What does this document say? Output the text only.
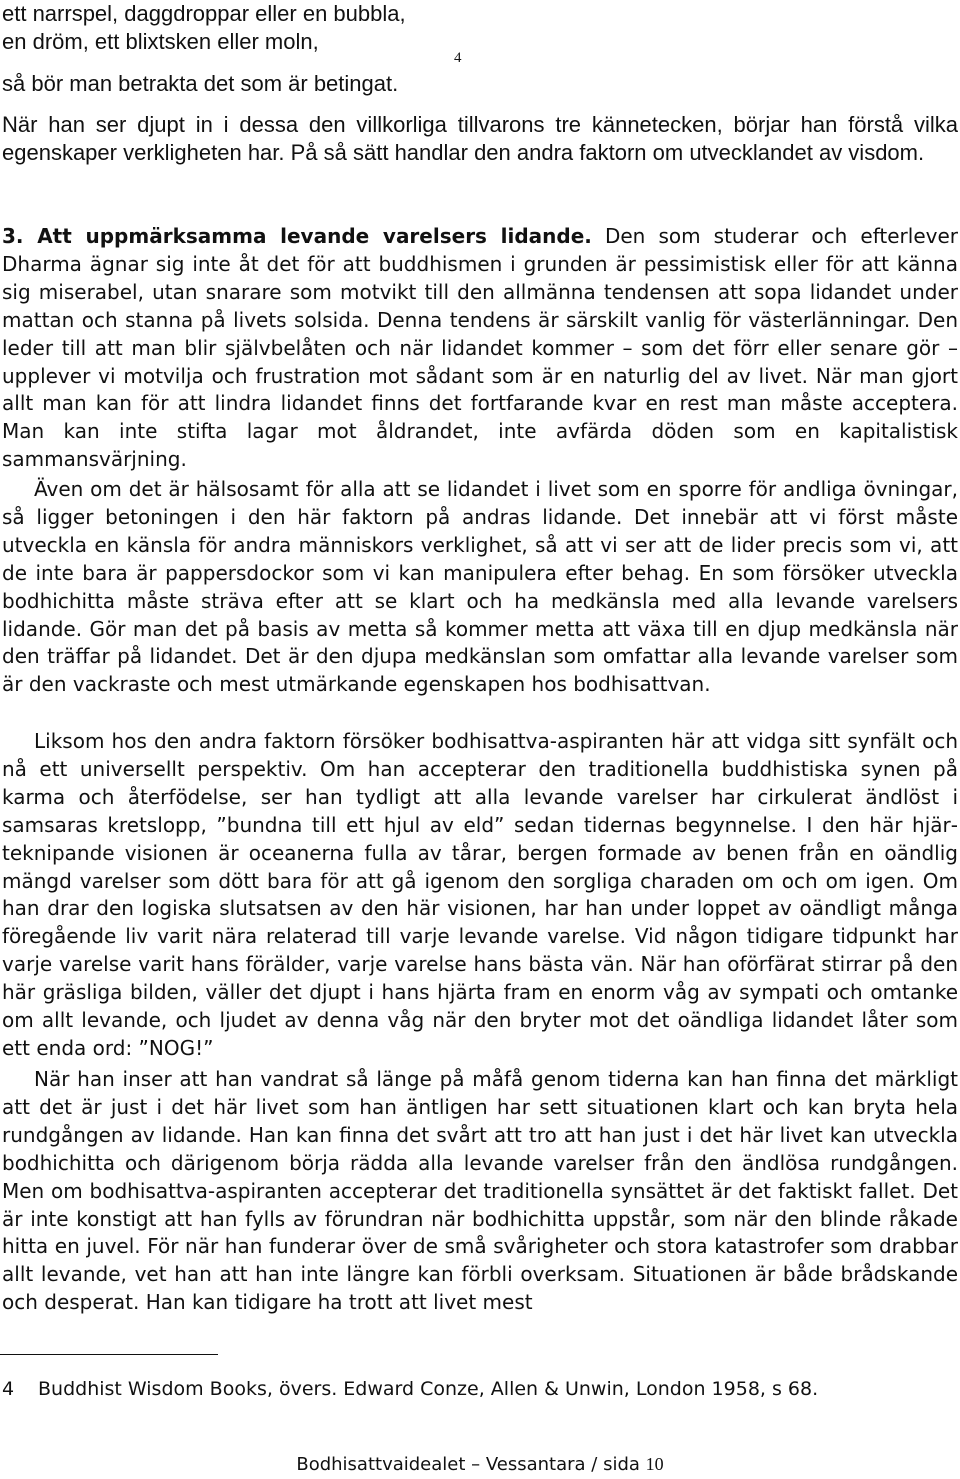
ett narrspel, daggdroppar eller en bubbla,

en dröm, ett blixtsken eller moln,

4

så bör man betrakta det som är betingat.

När han ser djupt in i dessa den villkorliga tillvarons tre kännetecken, börjar han förstå vilka egenskaper verkligheten har. På så sätt handlar den andra faktorn om utvecklandet av visdom.

3. Att uppmärksamma levande varelsers lidande. Den som studerar och efterlever Dharma ägnar sig inte åt det för att buddhismen i grunden är pessimistisk eller för att känna sig miserabel, utan snarare som motvikt till den allmänna tendensen att sopa lidandet under mattan och stanna på livets solsida. Denna tendens är särskilt vanlig för västerlänningar. Den leder till att man blir självbelåten och när lidandet kommer – som det förr eller senare gör – upplever vi motvilja och frustration mot sådant som är en naturlig del av livet. När man gjort allt man kan för att lindra lidandet finns det fortfarande kvar en rest man måste acceptera. Man kan inte stifta lagar mot åldrandet, inte avfärda döden som en kapitalistisk sammansvärjning.

Även om det är hälsosamt för alla att se lidandet i livet som en sporre för andliga övningar, så ligger betoningen i den här faktorn på andras lidande. Det innebär att vi först måste utveckla en känsla för andra människors verklighet, så att vi ser att de lider precis som vi, att de inte bara är pappersdockor som vi kan manipulera efter behag. En som försöker utveckla bodhichitta måste sträva efter att se klart och ha medkänsla med alla levande varelsers lidande. Gör man det på basis av metta så kommer metta att växa till en djup medkänsla när den träffar på lidandet. Det är den djupa medkänslan som omfattar alla levande varelser som är den vackraste och mest utmärkande egenskapen hos bodhisattvan.

Liksom hos den andra faktorn försöker bodhisattva-aspiranten här att vidga sitt synfält och nå ett universellt perspektiv. Om han accepterar den traditionella buddhistiska synen på karma och återfödelse, ser han tydligt att alla levande varelser har cirkulerat ändlöst i samsaras kretslopp, ”bundna till ett hjul av eld” sedan tidernas begynnelse. I den här hjärteknipande visionen är oceanerna fulla av tårar, bergen formade av benen från en oändlig mängd varelser som dött bara för att gå igenom den sorgliga charaden om och om igen. Om han drar den logiska slutsatsen av den här visionen, har han under loppet av oändligt många föregående liv varit nära relaterad till varje levande varelse. Vid någon tidigare tidpunkt har varje varelse varit hans förälder, varje varelse hans bästa vän. När han oförfärat stirrar på den här gräsliga bilden, väller det djupt i hans hjärta fram en enorm våg av sympati och omtanke om allt levande, och ljudet av denna våg när den bryter mot det oändliga lidandet låter som ett enda ord: ”NOG!”

När han inser att han vandrat så länge på måfå genom tiderna kan han finna det märkligt att det är just i det här livet som han äntligen har sett situationen klart och kan bryta hela rundgången av lidande. Han kan finna det svårt att tro att han just i det här livet kan utveckla bodhichitta och därigenom börja rädda alla levande varelser från den ändlösa rundgången. Men om bodhisattva-aspiranten accepterar det traditionella synsättet är det faktiskt fallet. Det är inte konstigt att han fylls av förundran när bodhichitta uppstår, som när den blinde råkade hitta en juvel. För när han funderar över de små svårigheter och stora katastrofer som drabbar allt levande, vet han att han inte längre kan förbli overksam. Situationen är både brådskande och desperat. Han kan tidigare ha trott att livet mest

4 Buddhist Wisdom Books, övers. Edward Conze, Allen & Unwin, London 1958, s 68.

Bodhisattvaidealet – Vessantara / sida 10
